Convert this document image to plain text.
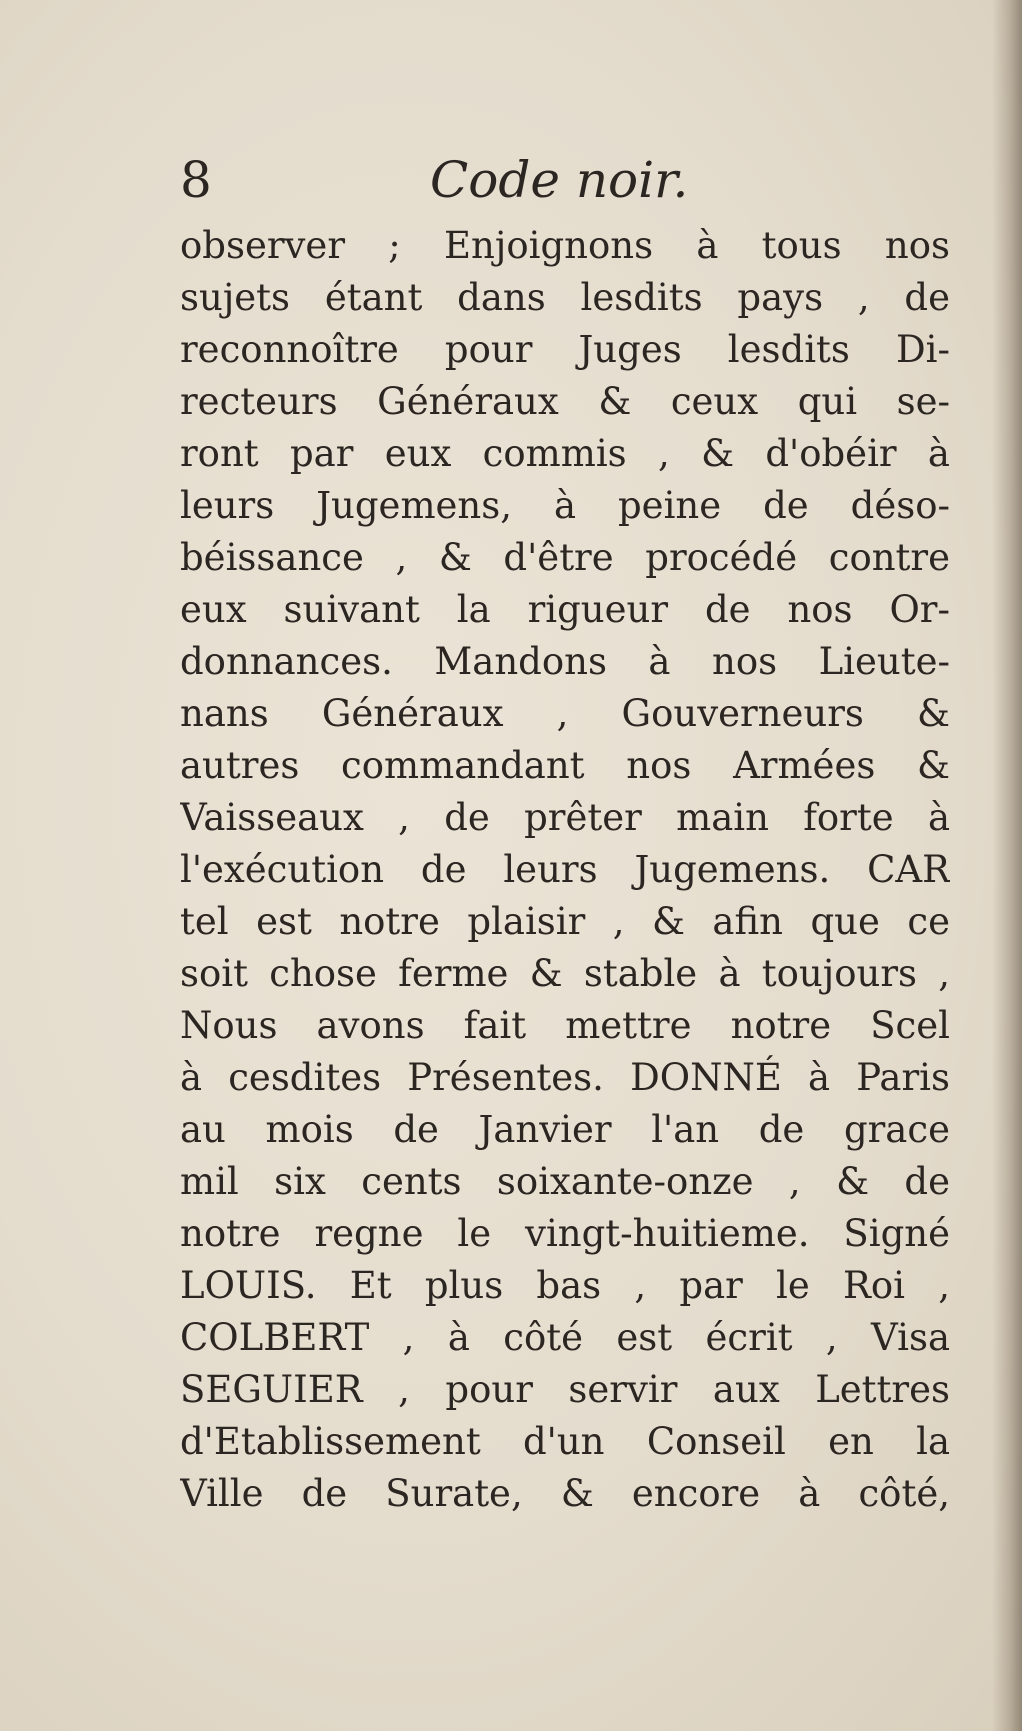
8	Code noir.
observer ; Enjoignons à tous nos
sujets étant dans lesdits pays , de
reconnoître pour Juges lesdits Di-
recteurs Généraux & ceux qui se-
ront par eux commis , & d'obéir à
leurs Jugemens, à peine de déso-
béissance , & d'être procédé contre
eux suivant la rigueur de nos Or-
donnances. Mandons à nos Lieute-
nans Généraux , Gouverneurs &
autres commandant nos Armées &
Vaisseaux , de prêter main forte à
l'exécution de leurs Jugemens. CAR
tel est notre plaisir , & afin que ce
soit chose ferme & stable à toujours ,
Nous avons fait mettre notre Scel
à cesdites Présentes. DONNÉ à Paris
au mois de Janvier l'an de grace
mil six cents soixante-onze , & de
notre regne le vingt-huitieme. Signé
LOUIS. Et plus bas , par le Roi ,
COLBERT , à côté est écrit , Visa
SEGUIER , pour servir aux Lettres
d'Etablissement d'un Conseil en la
Ville de Surate, & encore à côté,
